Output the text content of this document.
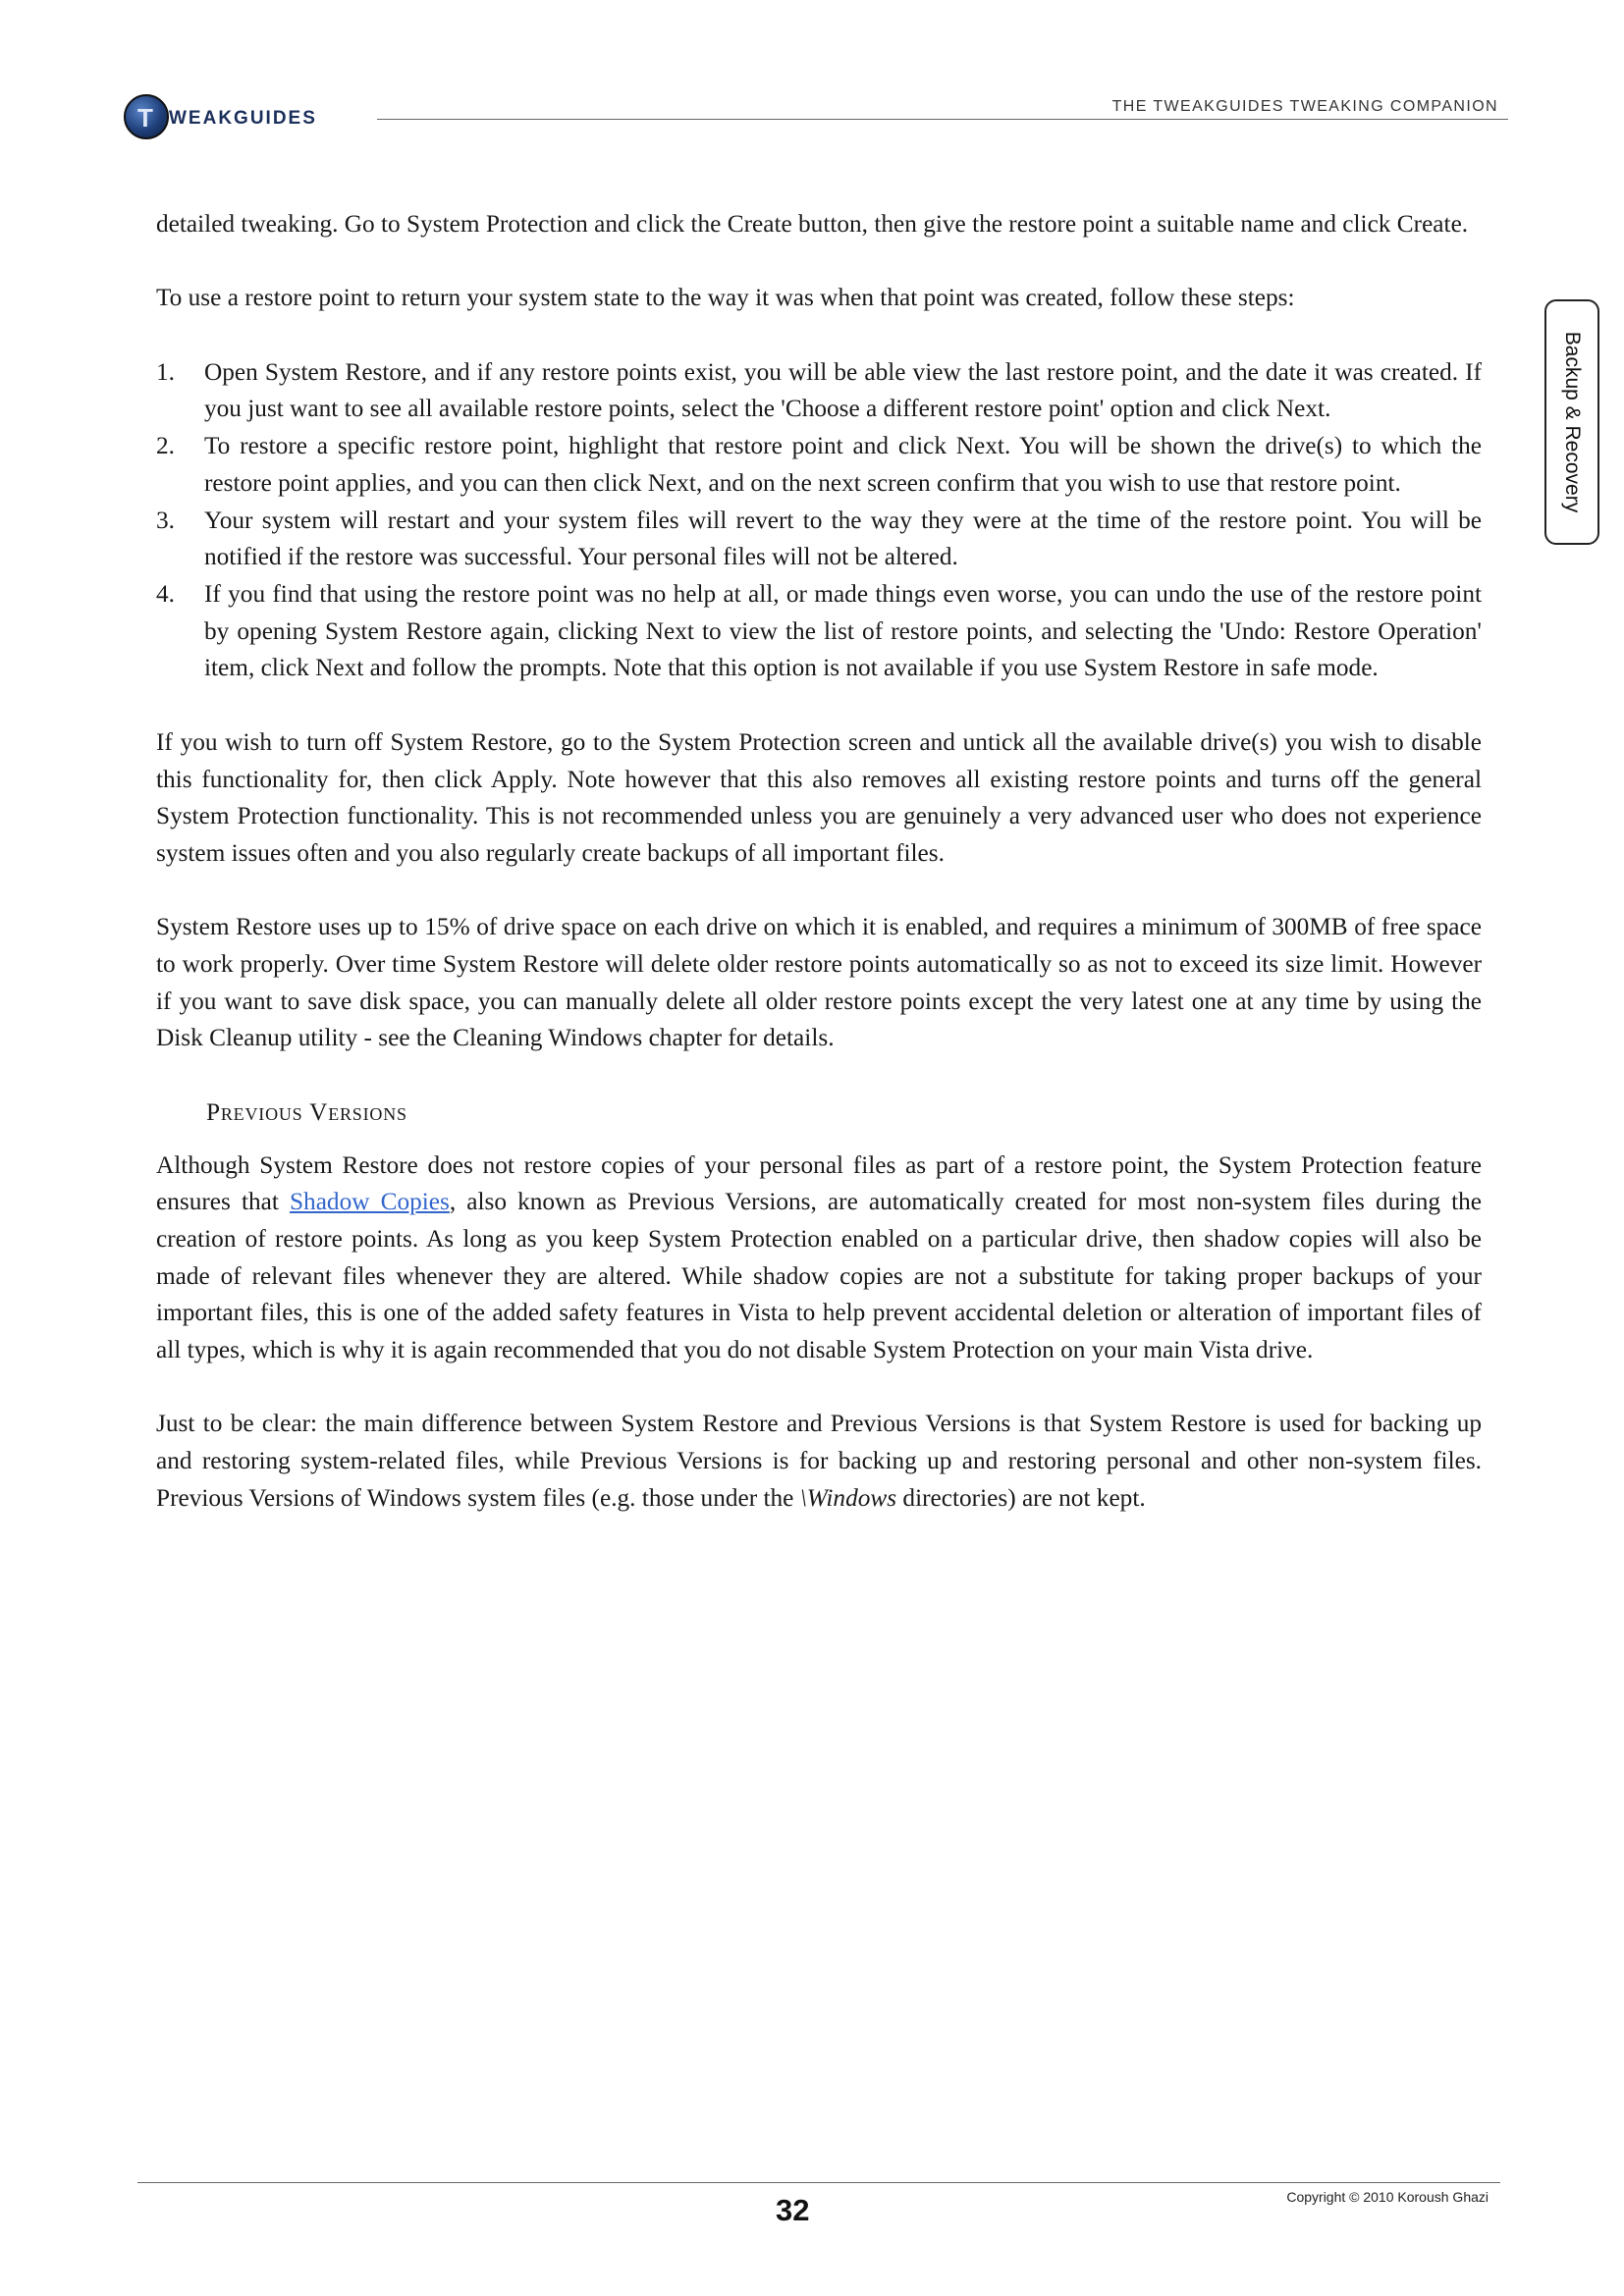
T WEAKGUIDES
THE TWEAKGUIDES TWEAKING COMPANION
Backup & Recovery

detailed tweaking. Go to System Protection and click the Create button, then give the restore point a suitable name and click Create.

To use a restore point to return your system state to the way it was when that point was created, follow these steps:

1. Open System Restore, and if any restore points exist, you will be able view the last restore point, and the date it was created. If you just want to see all available restore points, select the 'Choose a different restore point' option and click Next.
2. To restore a specific restore point, highlight that restore point and click Next. You will be shown the drive(s) to which the restore point applies, and you can then click Next, and on the next screen confirm that you wish to use that restore point.
3. Your system will restart and your system files will revert to the way they were at the time of the restore point. You will be notified if the restore was successful. Your personal files will not be altered.
4. If you find that using the restore point was no help at all, or made things even worse, you can undo the use of the restore point by opening System Restore again, clicking Next to view the list of restore points, and selecting the 'Undo: Restore Operation' item, click Next and follow the prompts. Note that this option is not available if you use System Restore in safe mode.

If you wish to turn off System Restore, go to the System Protection screen and untick all the available drive(s) you wish to disable this functionality for, then click Apply. Note however that this also removes all existing restore points and turns off the general System Protection functionality. This is not recommended unless you are genuinely a very advanced user who does not experience system issues often and you also regularly create backups of all important files.

System Restore uses up to 15% of drive space on each drive on which it is enabled, and requires a minimum of 300MB of free space to work properly. Over time System Restore will delete older restore points automatically so as not to exceed its size limit. However if you want to save disk space, you can manually delete all older restore points except the very latest one at any time by using the Disk Cleanup utility - see the Cleaning Windows chapter for details.

Previous Versions

Although System Restore does not restore copies of your personal files as part of a restore point, the System Protection feature ensures that Shadow Copies, also known as Previous Versions, are automatically created for most non-system files during the creation of restore points. As long as you keep System Protection enabled on a particular drive, then shadow copies will also be made of relevant files whenever they are altered. While shadow copies are not a substitute for taking proper backups of your important files, this is one of the added safety features in Vista to help prevent accidental deletion or alteration of important files of all types, which is why it is again recommended that you do not disable System Protection on your main Vista drive.

Just to be clear: the main difference between System Restore and Previous Versions is that System Restore is used for backing up and restoring system-related files, while Previous Versions is for backing up and restoring personal and other non-system files. Previous Versions of Windows system files (e.g. those under the \Windows directories) are not kept.

32	Copyright © 2010 Koroush Ghazi
